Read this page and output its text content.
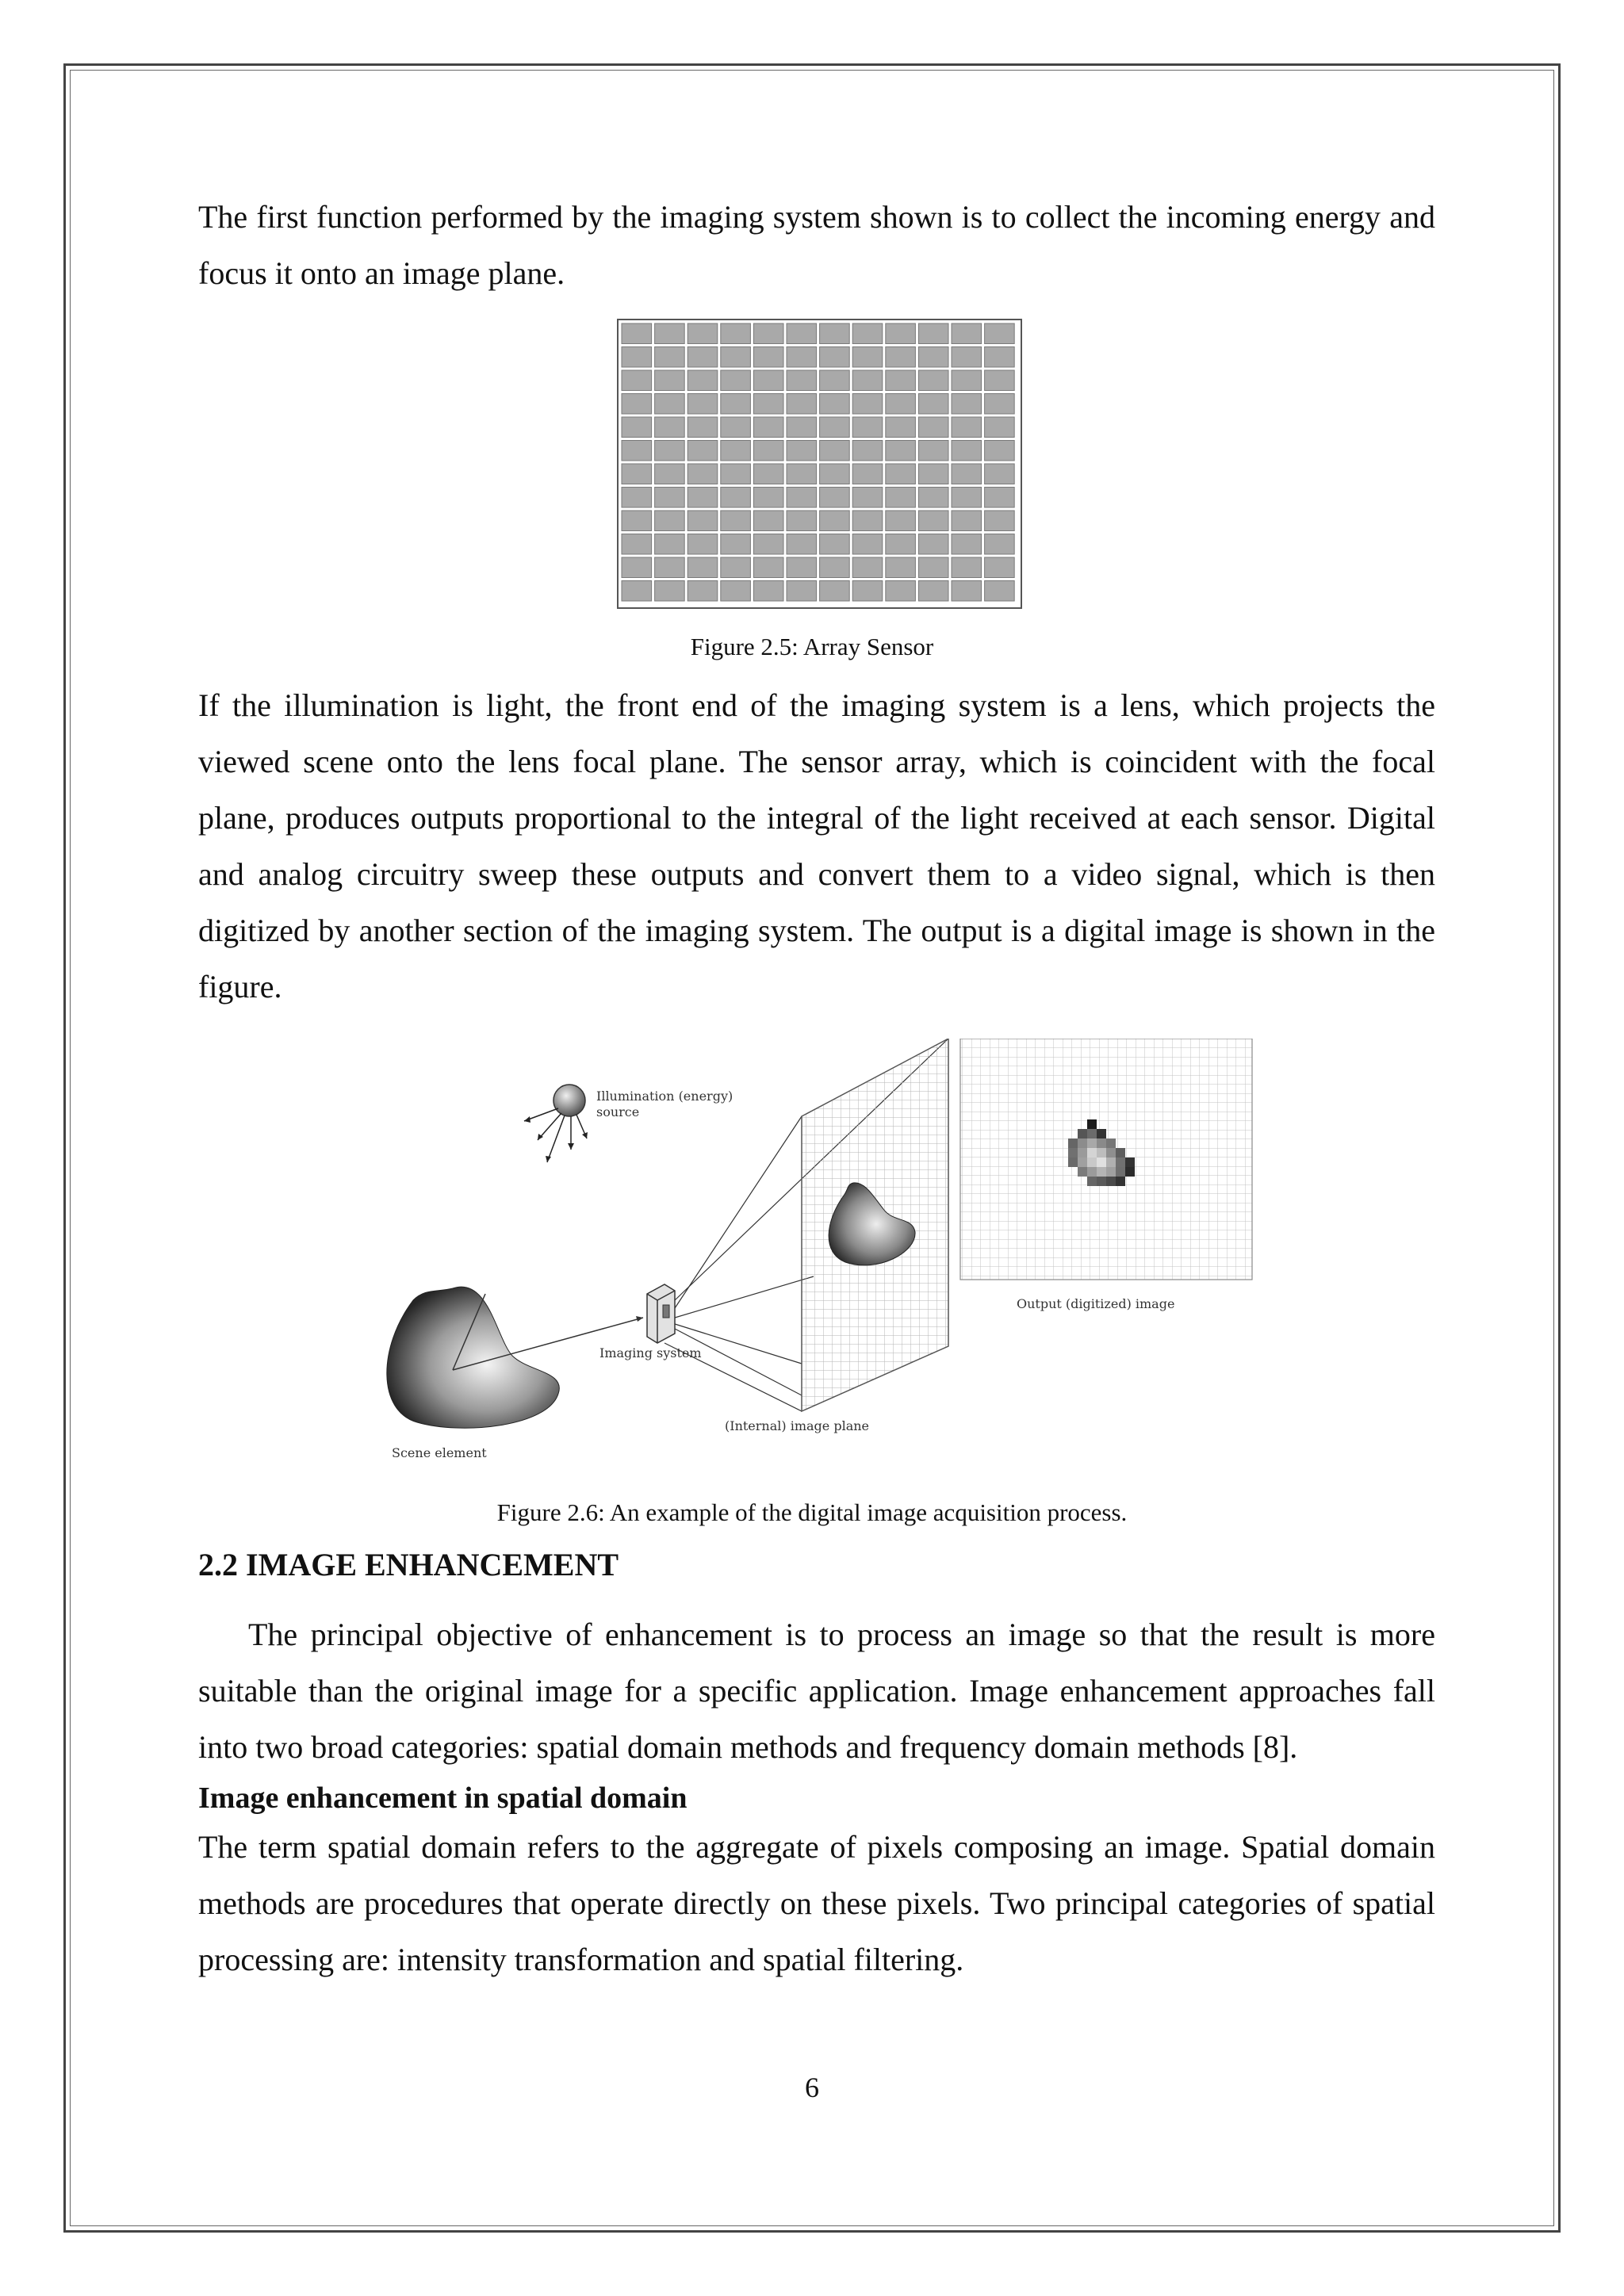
The first function performed by the imaging system shown is to collect the incoming energy and focus it onto an image plane.

Figure 2.5: Array Sensor

If the illumination is light, the front end of the imaging system is a lens, which projects the viewed scene onto the lens focal plane. The sensor array, which is coincident with the focal plane, produces outputs proportional to the integral of the light received at each sensor. Digital and analog circuitry sweep these outputs and convert them to a video signal, which is then digitized by another section of the imaging system. The output is a digital image is shown in the figure.

Illumination (energy)
source
Scene element
Imaging system
(Internal) image plane
Output (digitized) image

Figure 2.6: An example of the digital image acquisition process.

2.2 IMAGE ENHANCEMENT

The principal objective of enhancement is to process an image so that the result is more suitable than the original image for a specific application. Image enhancement approaches fall into two broad categories: spatial domain methods and frequency domain methods [8].

Image enhancement in spatial domain

The term spatial domain refers to the aggregate of pixels composing an image. Spatial domain methods are procedures that operate directly on these pixels. Two principal categories of spatial processing are: intensity transformation and spatial filtering.

6
